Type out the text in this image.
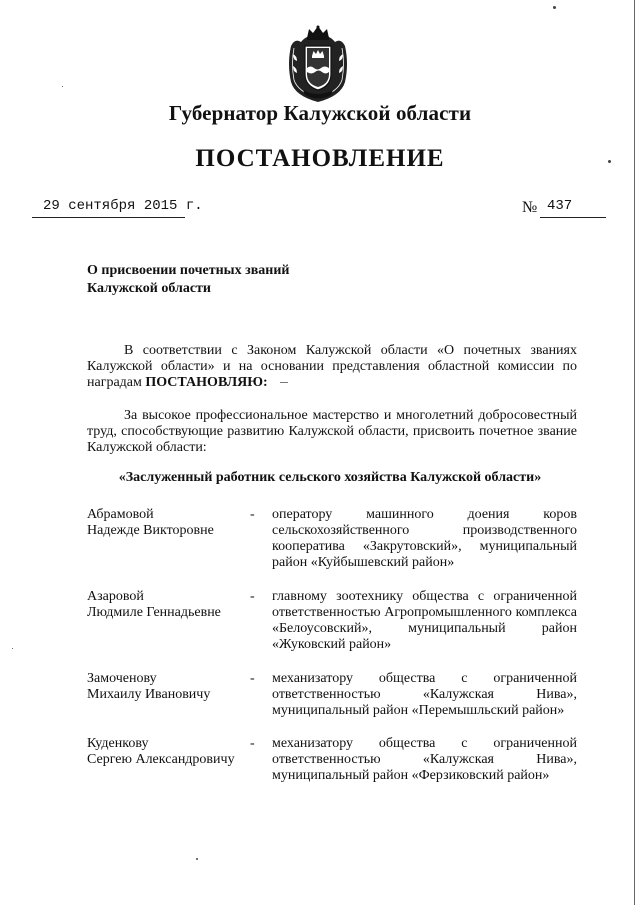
Губернатор Калужской области
ПОСТАНОВЛЕНИЕ
29 сентября 2015 г.	№ 437
О присвоении почетных званий
Калужской области
В соответствии с Законом Калужской области «О почетных званиях Калужской области» и на основании представления областной комиссии по наградам ПОСТАНОВЛЯЮ:
За высокое профессиональное мастерство и многолетний добросовестный труд, способствующие развитию Калужской области, присвоить почетное звание Калужской области:
«Заслуженный работник сельского хозяйства Калужской области»
Абрамовой
Надежде Викторовне
- оператору машинного доения коров сельскохозяйственного производственного кооператива «Закрутовский», муниципальный район «Куйбышевский район»
Азаровой
Людмиле Геннадьевне
- главному зоотехнику общества с ограниченной ответственностью Агропромышленного комплекса «Белоусовский», муниципальный район «Жуковский район»
Замоченову
Михаилу Ивановичу
- механизатору общества с ограниченной ответственностью «Калужская Нива», муниципальный район «Перемышльский район»
Куденкову
Сергею Александровичу
- механизатору общества с ограниченной ответственностью «Калужская Нива», муниципальный район «Ферзиковский район»
